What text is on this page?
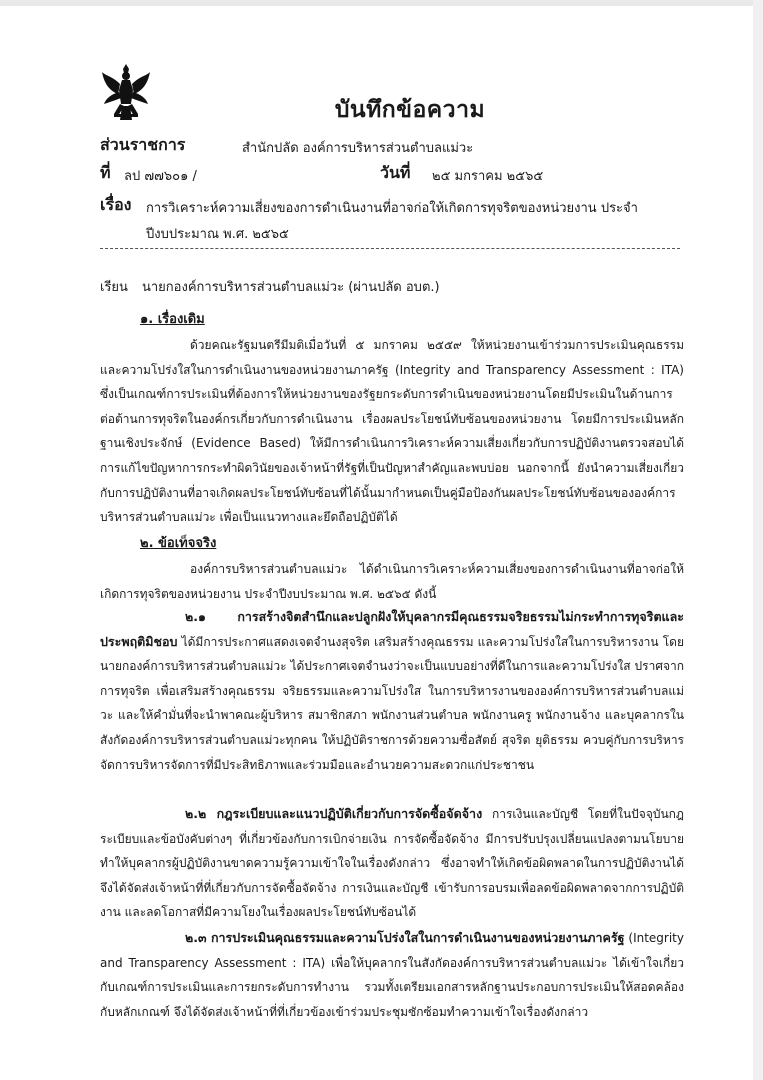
บันทึกข้อความ
ส่วนราชการ	สำนักปลัด องค์การบริหารส่วนตำบลแม่วะ
ที่ ลป ๗๗๖๐๑ /	วันที่ ๒๕ มกราคม ๒๕๖๕
เรื่อง การวิเคราะห์ความเสี่ยงของการดำเนินงานที่อาจก่อให้เกิดการทุจริตของหน่วยงาน ประจำปีงบประมาณ พ.ศ. ๒๕๖๕
เรียน นายกองค์การบริหารส่วนตำบลแม่วะ (ผ่านปลัด อบต.)
๑. เรื่องเดิม
ด้วยคณะรัฐมนตรีมีมติเมื่อวันที่ ๕ มกราคม ๒๕๕๙ ให้หน่วยงานเข้าร่วมการประเมินคุณธรรมและความโปร่งใสในการดำเนินงานของหน่วยงานภาครัฐ (Integrity and Transparency Assessment : ITA) ซึ่งเป็นเกณฑ์การประเมินที่ต้องการให้หน่วยงานของรัฐยกระดับการดำเนินของหน่วยงานโดยมีประเมินในด้านการต่อต้านการทุจริตในองค์กรเกี่ยวกับการดำเนินงาน เรื่องผลประโยชน์ทับซ้อนของหน่วยงาน โดยมีการประเมินหลักฐานเชิงประจักษ์ (Evidence Based) ให้มีการดำเนินการวิเคราะห์ความเสี่ยงเกี่ยวกับการปฏิบัติงานตรวจสอบได้ การแก้ไขปัญหาการกระทำผิดวินัยของเจ้าหน้าที่รัฐที่เป็นปัญหาสำคัญและพบบ่อย นอกจากนี้ ยังนำความเสี่ยงเกี่ยวกับการปฏิบัติงานที่อาจเกิดผลประโยชน์ทับซ้อนที่ได้นั้นมากำหนดเป็นคู่มือป้องกันผลประโยชน์ทับซ้อนขององค์การบริหารส่วนตำบลแม่วะ เพื่อเป็นแนวทางและยึดถือปฏิบัติได้
๒. ข้อเท็จจริง
องค์การบริหารส่วนตำบลแม่วะ ได้ดำเนินการวิเคราะห์ความเสี่ยงของการดำเนินงานที่อาจก่อให้เกิดการทุจริตของหน่วยงาน ประจำปีงบประมาณ พ.ศ. ๒๕๖๕ ดังนี้
๒.๑ การสร้างจิตสำนึกและปลูกฝังให้บุคลากรมีคุณธรรมจริยธรรมไม่กระทำการทุจริตและประพฤติมิชอบ ได้มีการประกาศแสดงเจตจำนงสุจริต เสริมสร้างคุณธรรม และความโปร่งใสในการบริหารงาน โดยนายกองค์การบริหารส่วนตำบลแม่วะ ได้ประกาศเจตจำนงว่าจะเป็นแบบอย่างที่ดีในการและความโปร่งใส ปราศจากการทุจริต เพื่อเสริมสร้างคุณธรรม จริยธรรมและความโปร่งใส ในการบริหารงานขององค์การบริหารส่วนตำบลแม่วะ และให้คำมั่นที่จะนำพาคณะผู้บริหาร สมาชิกสภา พนักงานส่วนตำบล พนักงานครู พนักงานจ้าง และบุคลากรในสังกัดองค์การบริหารส่วนตำบลแม่วะทุกคน ให้ปฏิบัติราชการด้วยความซื่อสัตย์ สุจริต ยุติธรรม ควบคู่กับการบริหารจัดการบริหารจัดการที่มีประสิทธิภาพและร่วมมือและอำนวยความสะดวกแก่ประชาชน
๒.๒ กฎระเบียบและแนวปฏิบัติเกี่ยวกับการจัดซื้อจัดจ้าง การเงินและบัญชี โดยที่ในปัจจุบันกฎระเบียบและข้อบังคับต่างๆ ที่เกี่ยวข้องกับการเบิกจ่ายเงิน การจัดซื้อจัดจ้าง มีการปรับปรุงเปลี่ยนแปลงตามนโยบาย ทำให้บุคลากรผู้ปฏิบัติงานขาดความรู้ความเข้าใจในเรื่องดังกล่าว ซึ่งอาจทำให้เกิดข้อผิดพลาดในการปฏิบัติงานได้ จึงได้จัดส่งเจ้าหน้าที่ที่เกี่ยวกับการจัดซื้อจัดจ้าง การเงินและบัญชี เข้ารับการอบรมเพื่อลดข้อผิดพลาดจากการปฏิบัติงาน และลดโอกาสที่มีความโยงในเรื่องผลประโยชน์ทับซ้อนได้
๒.๓ การประเมินคุณธรรมและความโปร่งใสในการดำเนินงานของหน่วยงานภาครัฐ (Integrity and Transparency Assessment : ITA) เพื่อให้บุคลากรในสังกัดองค์การบริหารส่วนตำบลแม่วะ ได้เข้าใจเกี่ยวกับเกณฑ์การประเมินและการยกระดับการทำงาน รวมทั้งเตรียมเอกสารหลักฐานประกอบการประเมินให้สอดคล้องกับหลักเกณฑ์ จึงได้จัดส่งเจ้าหน้าที่ที่เกี่ยวข้องเข้าร่วมประชุมซักซ้อมทำความเข้าใจเรื่องดังกล่าว
